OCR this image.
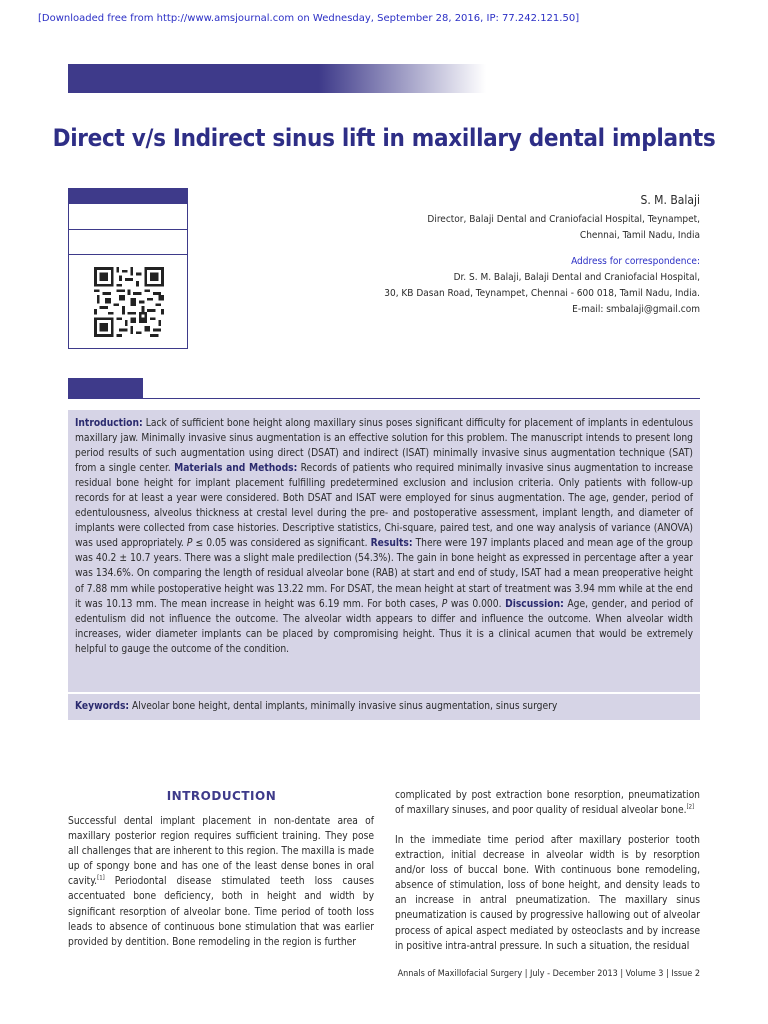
[Downloaded free from http://www.amsjournal.com on Wednesday, September 28, 2016, IP: 77.242.121.50]
Direct v/s Indirect sinus lift in maxillary dental implants
S. M. Balaji
Director, Balaji Dental and Craniofacial Hospital, Teynampet,
Chennai, Tamil Nadu, India
Address for correspondence:
Dr. S. M. Balaji, Balaji Dental and Craniofacial Hospital,
30, KB Dasan Road, Teynampet, Chennai - 600 018, Tamil Nadu, India.
E-mail: smbalaji@gmail.com
Introduction: Lack of sufficient bone height along maxillary sinus poses significant difficulty for placement of implants in edentulous maxillary jaw. Minimally invasive sinus augmentation is an effective solution for this problem. The manuscript intends to present long period results of such augmentation using direct (DSAT) and indirect (ISAT) minimally invasive sinus augmentation technique (SAT) from a single center. Materials and Methods: Records of patients who required minimally invasive sinus augmentation to increase residual bone height for implant placement fulfilling predetermined exclusion and inclusion criteria. Only patients with follow-up records for at least a year were considered. Both DSAT and ISAT were employed for sinus augmentation. The age, gender, period of edentulousness, alveolus thickness at crestal level during the pre- and postoperative assessment, implant length, and diameter of implants were collected from case histories. Descriptive statistics, Chi-square, paired test, and one way analysis of variance (ANOVA) was used appropriately. P ≤ 0.05 was considered as significant. Results: There were 197 implants placed and mean age of the group was 40.2 ± 10.7 years. There was a slight male predilection (54.3%). The gain in bone height as expressed in percentage after a year was 134.6%. On comparing the length of residual alveolar bone (RAB) at start and end of study, ISAT had a mean preoperative height of 7.88 mm while postoperative height was 13.22 mm. For DSAT, the mean height at start of treatment was 3.94 mm while at the end it was 10.13 mm. The mean increase in height was 6.19 mm. For both cases, P was 0.000. Discussion: Age, gender, and period of edentulism did not influence the outcome. The alveolar width appears to differ and influence the outcome. When alveolar width increases, wider diameter implants can be placed by compromising height. Thus it is a clinical acumen that would be extremely helpful to gauge the outcome of the condition.
Keywords: Alveolar bone height, dental implants, minimally invasive sinus augmentation, sinus surgery
INTRODUCTION
Successful dental implant placement in non-dentate area of maxillary posterior region requires sufficient training. They pose all challenges that are inherent to this region. The maxilla is made up of spongy bone and has one of the least dense bones in oral cavity.[1] Periodontal disease stimulated teeth loss causes accentuated bone deficiency, both in height and width by significant resorption of alveolar bone. Time period of tooth loss leads to absence of continuous bone stimulation that was earlier provided by dentition. Bone remodeling in the region is further
complicated by post extraction bone resorption, pneumatization of maxillary sinuses, and poor quality of residual alveolar bone.[2]
In the immediate time period after maxillary posterior tooth extraction, initial decrease in alveolar width is by resorption and/or loss of buccal bone. With continuous bone remodeling, absence of stimulation, loss of bone height, and density leads to an increase in antral pneumatization. The maxillary sinus pneumatization is caused by progressive hallowing out of alveolar process of apical aspect mediated by osteoclasts and by increase in positive intra-antral pressure. In such a situation, the residual
Annals of Maxillofacial Surgery | July - December 2013 | Volume 3 | Issue 2
